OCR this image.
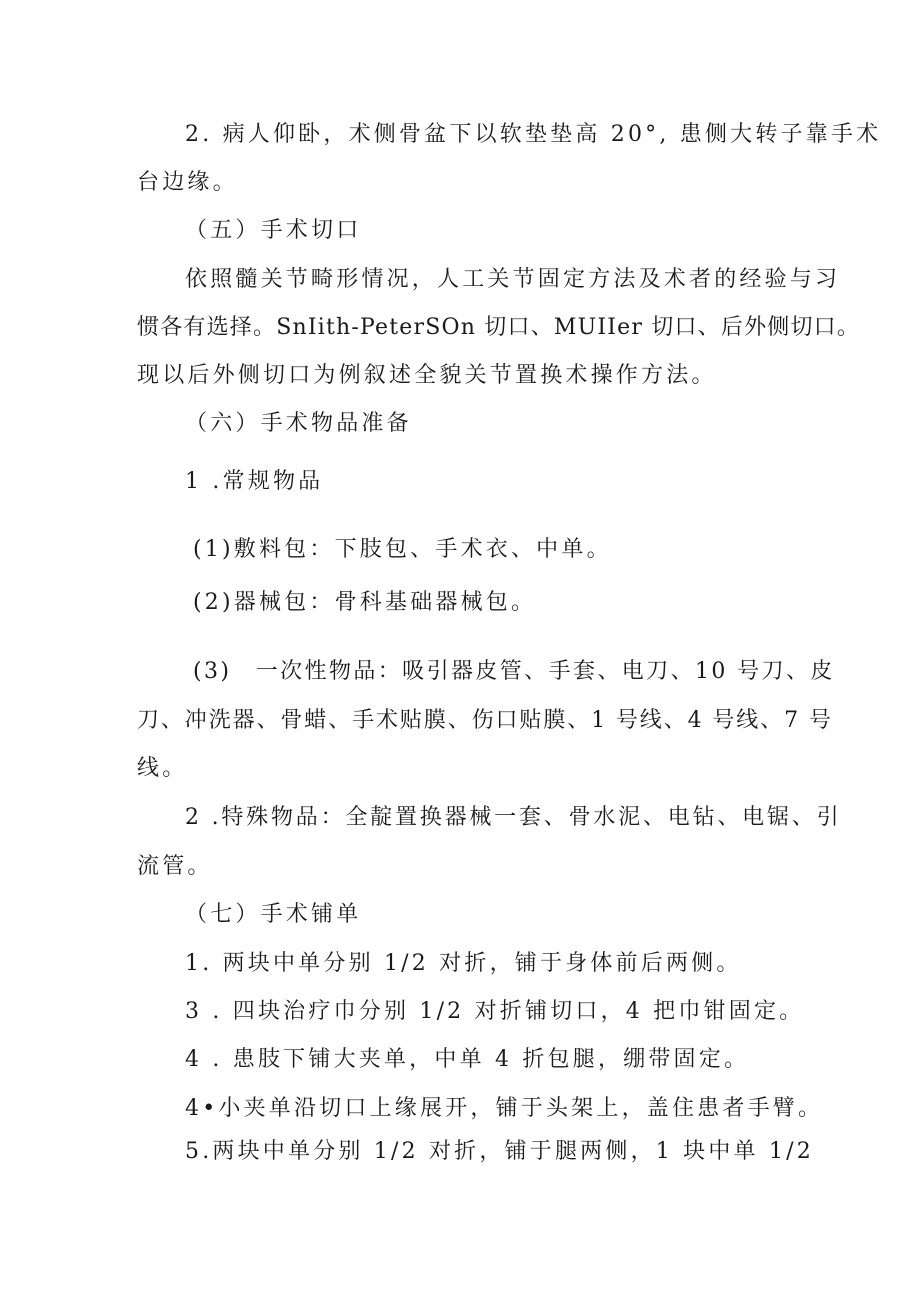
2. 病人仰卧，术侧骨盆下以软垫垫高 20°, 患侧大转子靠手术
台边缘。
（五）手术切口
依照髓关节畸形情况，人工关节固定方法及术者的经验与习
惯各有选择。SnIith-PeterSOn 切口、MUIIer 切口、后外侧切口。
现以后外侧切口为例叙述全貌关节置换术操作方法。
（六）手术物品准备
1 .常规物品
(1)敷料包：下肢包、手术衣、中单。
(2)器械包：骨科基础器械包。
(3)　一次性物品：吸引器皮管、手套、电刀、10 号刀、皮
刀、冲洗器、骨蜡、手术贴膜、伤口贴膜、1 号线、4 号线、7 号
线。
2 .特殊物品：全靛置换器械一套、骨水泥、电钻、电锯、引
流管。
（七）手术铺单
1. 两块中单分别 1/2 对折，铺于身体前后两侧。
3 . 四块治疗巾分别 1/2 对折铺切口，4 把巾钳固定。
4 . 患肢下铺大夹单，中单 4 折包腿，绷带固定。
4•小夹单沿切口上缘展开，铺于头架上，盖住患者手臂。
5.两块中单分别 1/2 对折，铺于腿两侧，1 块中单 1/2
